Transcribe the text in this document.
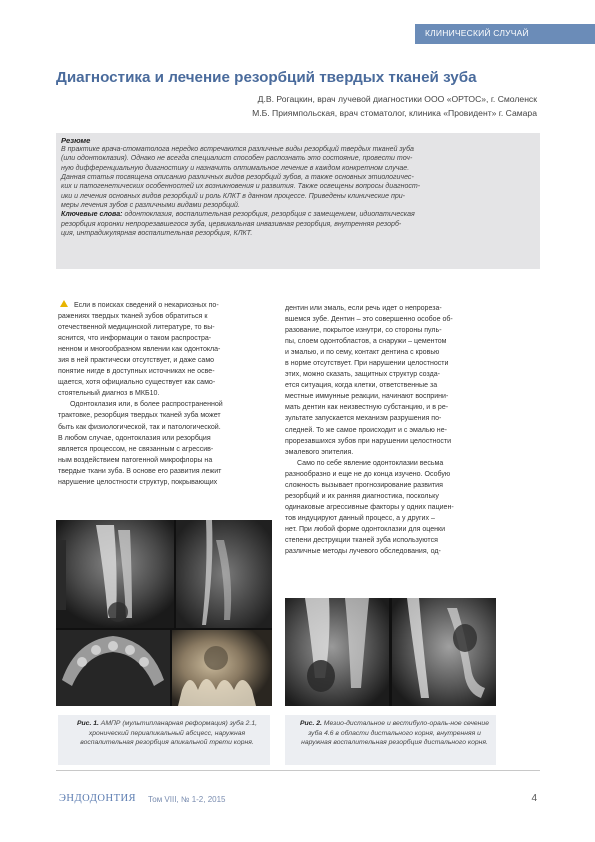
КЛИНИЧЕСКИЙ СЛУЧАЙ
Диагностика и лечение резорбций твердых тканей зуба
Д.В. Рогацкин, врач лучевой диагностики ООО «ОРТОС», г. Смоленск
М.Б. Приямпольская, врач стоматолог, клиника «Провидент» г. Самара
Резюме
В практике врача-стоматолога нередко встречаются различные виды резорбций твердых тканей зуба
(или одонтоклазия). Однако не всегда специалист способен распознать это состояние, провести точ-
ную дифференциальную диагностику и назначить оптимальное лечение в каждом конкретном случае.
Данная статья посвящена описанию различных видов резорбций зубов, а также основных этиологичес-
ких и патогенетических особенностей их возникновения и развития. Также освещены вопросы диагност-
ики и лечения основных видов резорбций и роль КЛКТ в данном процессе. Приведены клинические при-
меры лечения зубов с различными видами резорбций.
Ключевые слова: одонтоклазия, воспалительная резорбция, резорбция с замещением, идиопатическая
резорбция коронки непрорезавшегося зуба, цервикальная инвазивная резорбция, внутренняя резорб-
ция, интрадикулярная воспалительная резорбция, КЛКТ.
Если в поисках сведений о некариозных по-
ражениях твердых тканей зубов обратиться к
отечественной медицинской литературе, то вы-
яснится, что информации о таком распростра-
ненном и многообразном явлении как одонтокла-
зия в ней практически отсутствует, и даже само
понятие нигде в доступных источниках не осве-
щается, хотя официально существует как само-
стоятельный диагноз в МКБ10.
Одонтоклазия или, в более распространенной
трактовке, резорбция твердых тканей зуба может
быть как физиологической, так и патологической.
В любом случае, одонтоклазия или резорбция
является процессом, не связанным с агрессив-
ным воздействием патогенной микрофлоры на
твердые ткани зуба. В основе его развития лежит
нарушение целостности структур, покрывающих
дентин или эмаль, если речь идет о непрореза-
вшемся зубе. Дентин – это совершенно особое об-
разование, покрытое изнутри, со стороны пуль-
пы, слоем одонтобластов, а снаружи – цементом
и эмалью, и по сему, контакт дентина с кровью
в норме отсутствует. При нарушении целостности
этих, можно сказать, защитных структур созда-
ется ситуация, когда клетки, ответственные за
местные иммунные реакции, начинают восприни-
мать дентин как неизвестную субстанцию, и в ре-
зультате запускается механизм разрушения по-
следней. То же самое происходит и с эмалью не-
прорезавшихся зубов при нарушении целостности
эмалевого эпителия.
Само по себе явление одонтоклазии весьма
разнообразно и еще не до конца изучено. Особую
сложность вызывает прогнозирование развития
резорбций и их ранняя диагностика, поскольку
одинаковые агрессивные факторы у одних пациен-
тов индуцируют данный процесс, а у других –
нет. При любой форме одонтоклазии для оценки
степени деструкции тканей зуба используются
различные методы лучевого обследования, од-
Рис. 1. АМПР (мультипланарная реформация) зуба 2.1, хронический периапикальный абсцесс, наружная воспалительная резорбция апикальной трети корня.
Рис. 2. Мезио-дистальное и вестибуло-ораль-ное сечение зуба 4.6 в области дистального корня, внутренняя и наружная воспалительная резорбция дистального корня.
ЭНДОДОНТИЯ Том VIII, № 1-2, 2015	4
